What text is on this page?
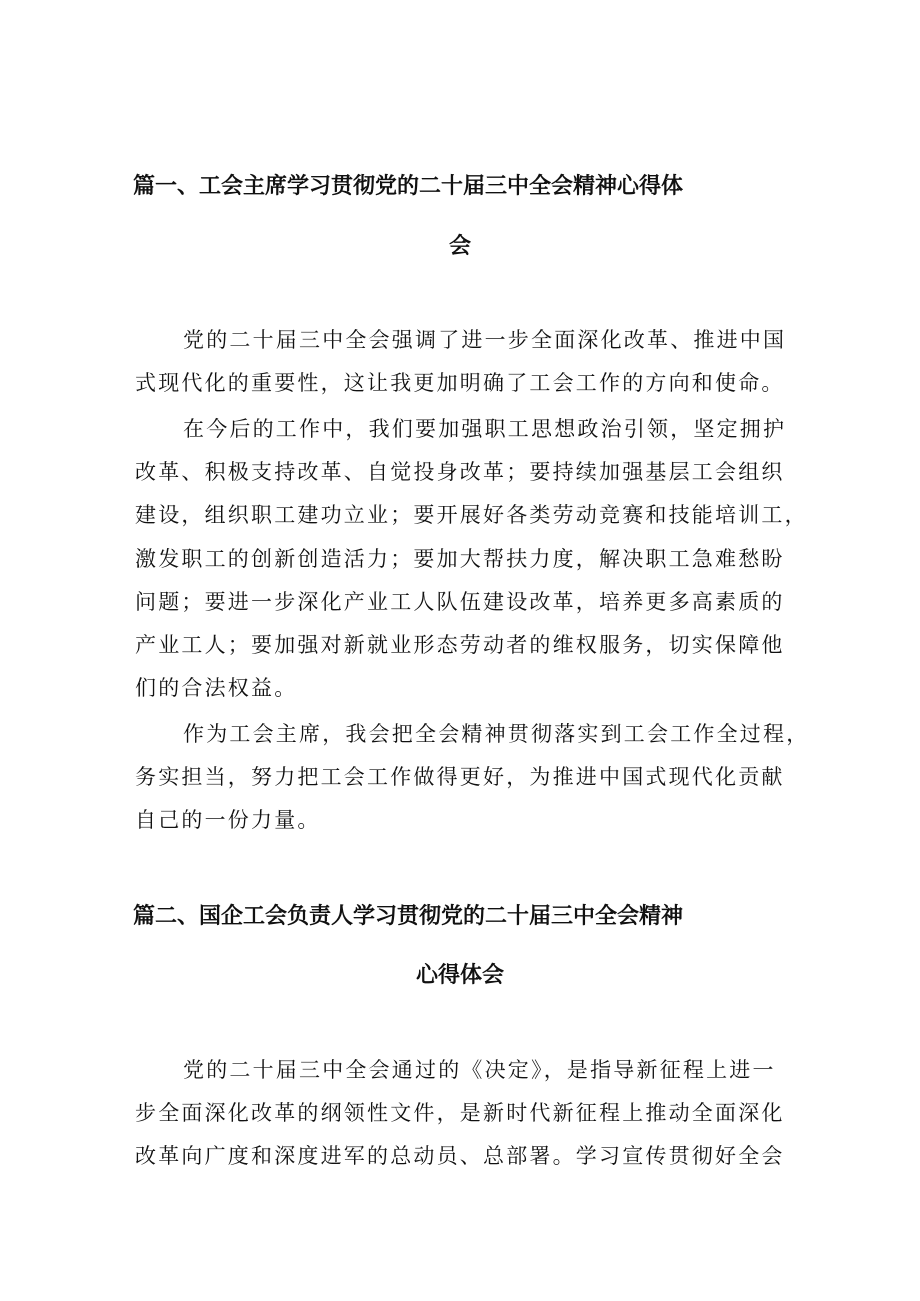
篇一、工会主席学习贯彻党的二十届三中全会精神心得体
会
党的二十届三中全会强调了进一步全面深化改革、推进中国
式现代化的重要性，这让我更加明确了工会工作的方向和使命。
在今后的工作中，我们要加强职工思想政治引领，坚定拥护
改革、积极支持改革、自觉投身改革；要持续加强基层工会组织
建设，组织职工建功立业；要开展好各类劳动竞赛和技能培训工，
激发职工的创新创造活力；要加大帮扶力度，解决职工急难愁盼
问题；要进一步深化产业工人队伍建设改革，培养更多高素质的
产业工人；要加强对新就业形态劳动者的维权服务，切实保障他
们的合法权益。
作为工会主席，我会把全会精神贯彻落实到工会工作全过程，
务实担当，努力把工会工作做得更好，为推进中国式现代化贡献
自己的一份力量。
篇二、国企工会负责人学习贯彻党的二十届三中全会精神
心得体会
党的二十届三中全会通过的《决定》，是指导新征程上进一
步全面深化改革的纲领性文件，是新时代新征程上推动全面深化
改革向广度和深度进军的总动员、总部署。学习宣传贯彻好全会
